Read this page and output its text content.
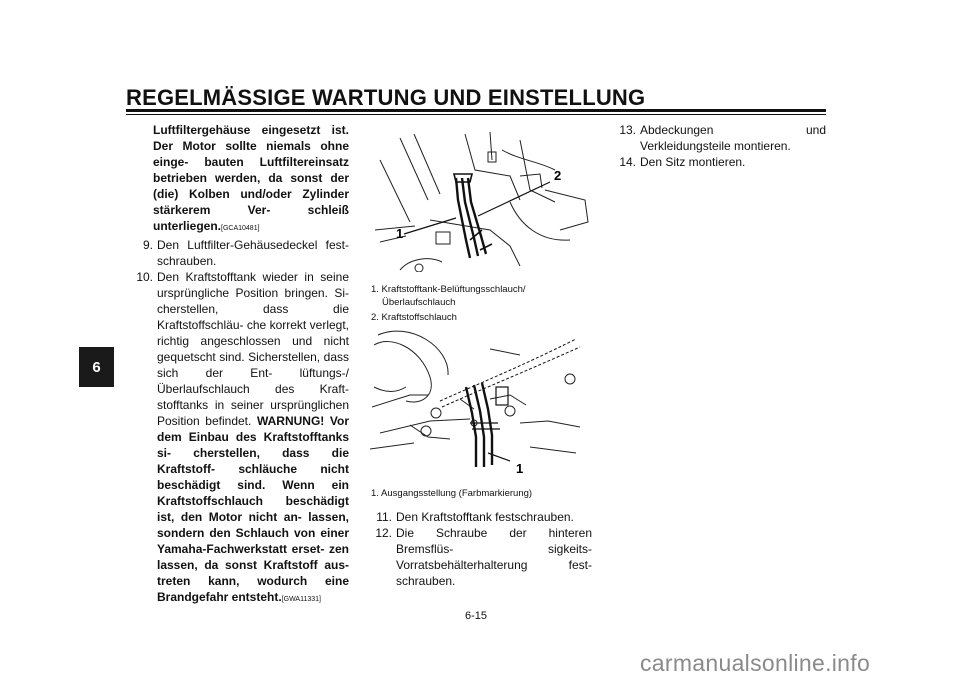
REGELMÄSSIGE WARTUNG UND EINSTELLUNG
6

Luftfiltergehäuse eingesetzt ist. Der Motor sollte niemals ohne einge- bauten Luftfiltereinsatz betrieben werden, da sonst der (die) Kolben und/oder Zylinder stärkerem Ver- schleiß unterliegen.[GCA10481]

9. Den Luftfilter-Gehäusedeckel fest- schrauben.
10. Den Kraftstofftank wieder in seine ursprüngliche Position bringen. Si- cherstellen, dass die Kraftstoffschläu- che korrekt verlegt, richtig angeschlossen und nicht gequetscht sind. Sicherstellen, dass sich der Ent- lüftungs-/Überlaufschlauch des Kraft- stofftanks in seiner ursprünglichen Position befindet. WARNUNG! Vor dem Einbau des Kraftstofftanks si- cherstellen, dass die Kraftstoff- schläuche nicht beschädigt sind. Wenn ein Kraftstoffschlauch beschädigt ist, den Motor nicht an- lassen, sondern den Schlauch von einer Yamaha-Fachwerkstatt erset- zen lassen, da sonst Kraftstoff aus- treten kann, wodurch eine Brandgefahr entsteht.[GWA11331]
2
1
1. Kraftstofftank-Belüftungsschlauch/
Überlaufschlauch
2. Kraftstoffschlauch
1
1. Ausgangsstellung (Farbmarkierung)
11. Den Kraftstofftank festschrauben.
12. Die Schraube der hinteren Bremsflüs- sigkeits-Vorratsbehälterhalterung fest- schrauben.
13. Abdeckungen und Verkleidungsteile montieren.
14. Den Sitz montieren.
6-15
carmanualsonline.info
